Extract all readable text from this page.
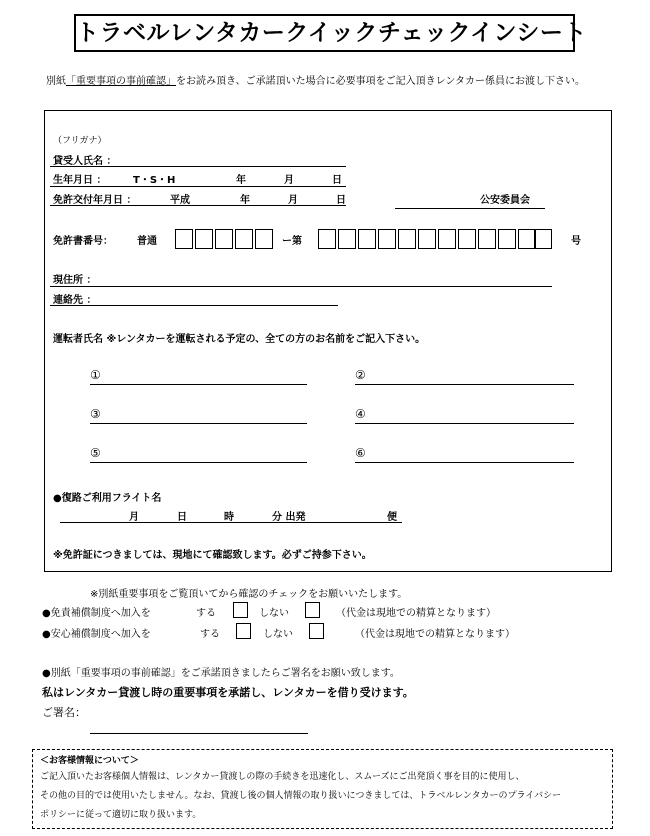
トラベルレンタカークイックチェックインシート
別紙「重要事項の事前確認」をお読み頂き、ご承諾頂いた場合に必要事項をご記入頂きレンタカー係員にお渡し下さい。
（フリガナ）
貸受人氏名 ：
生年月日 ：	T・S・H	年	月	日
免許交付年月日 ：	平成	年	月	日	公安委員会
免許書番号： 普通	ー第	号
現住所 ：
連絡先 ：
運転者氏名 ※レンタカーを運転される予定の、全ての方のお名前をご記入下さい。
①	②
③	④
⑤	⑥
●復路ご利用フライト名
月	日	時	分 出発	便
※免許証につきましては、現地にて確認致します。必ずご持参下さい。
※別紙重要事項をご覧頂いてから確認のチェックをお願いいたします。
●免責補償制度へ加入を	する	しない	（代金は現地での精算となります）
●安心補償制度へ加入を	する	しない	（代金は現地での精算となります）
●別紙「重要事項の事前確認」をご承諾頂きましたらご署名をお願い致します。
私はレンタカー貸渡し時の重要事項を承諾し、レンタカーを借り受けます。
ご署名：
＜お客様情報について＞
ご記入頂いたお客様個人情報は、レンタカー貸渡しの際の手続きを迅速化し、スムーズにご出発頂く事を目的に使用し、
その他の目的では使用いたしません。なお、貸渡し後の個人情報の取り扱いにつきましては、トラベルレンタカーのプライバシー
ポリシーに従って適切に取り扱います。
